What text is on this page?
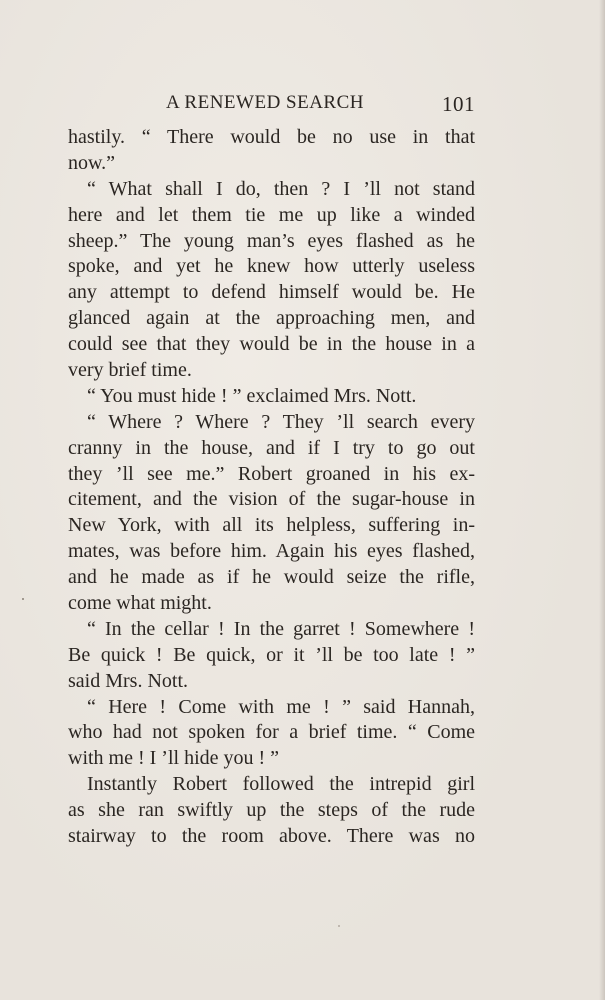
A RENEWED SEARCH	101
hastily. “ There would be no use in that
now.”
“ What shall I do, then ? I ’ll not stand
here and let them tie me up like a winded
sheep.” The young man’s eyes flashed as he
spoke, and yet he knew how utterly useless
any attempt to defend himself would be. He
glanced again at the approaching men, and
could see that they would be in the house in a
very brief time.
“ You must hide ! ” exclaimed Mrs. Nott.
“ Where ? Where ? They ’ll search every
cranny in the house, and if I try to go out
they ’ll see me.” Robert groaned in his ex-
citement, and the vision of the sugar-house in
New York, with all its helpless, suffering in-
mates, was before him. Again his eyes flashed,
and he made as if he would seize the rifle,
come what might.
“ In the cellar ! In the garret ! Somewhere !
Be quick ! Be quick, or it ’ll be too late ! ”
said Mrs. Nott.
“ Here ! Come with me ! ” said Hannah,
who had not spoken for a brief time. “ Come
with me ! I ’ll hide you ! ”
Instantly Robert followed the intrepid girl
as she ran swiftly up the steps of the rude
stairway to the room above. There was no
